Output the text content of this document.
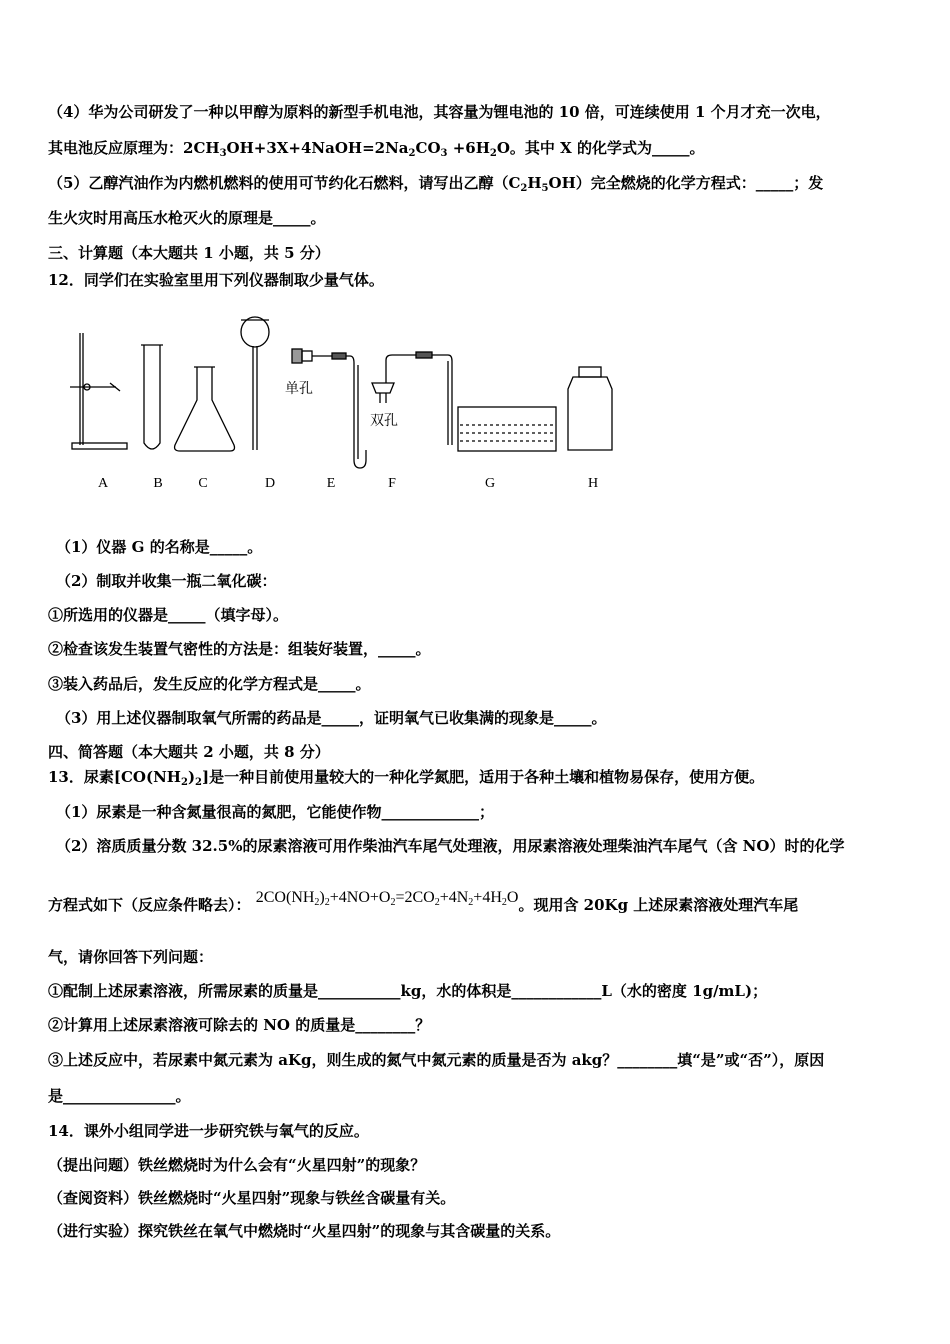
（4）华为公司研发了一种以甲醇为原料的新型手机电池，其容量为锂电池的 10 倍，可连续使用 1 个月才充一次电，
其电池反应原理为：$2CH_3OH+3X+4NaOH=2Na_2CO_3 +6H_2O$。其中 X 的化学式为_____。
（5）乙醇汽油作为内燃机燃料的使用可节约化石燃料，请写出乙醇$(C_2H_5OH)$完全燃烧的化学方程式：_____；发
生火灾时用高压水枪灭火的原理是_____。
三、计算题（本大题共 1 小题，共 5 分）
12．同学们在实验室里用下列仪器制取少量气体。
单孔
双孔
A	B	C	D	E	F	G	H
（1）仪器 G 的名称是_____。
（2）制取并收集一瓶二氧化碳：
①所选用的仪器是_____（填字母）。
②检查该发生装置气密性的方法是：组装好装置，_____。
③装入药品后，发生反应的化学方程式是_____。
（3）用上述仪器制取氧气所需的药品是_____，证明氧气已收集满的现象是_____。
四、简答题（本大题共 2 小题，共 8 分）
13．尿素$[CO(NH_2)_2]$是一种目前使用量较大的一种化学氮肥，适用于各种土壤和植物易保存，使用方便。
（1）尿素是一种含氮量很高的氮肥，它能使作物_____________；
（2）溶质质量分数 32.5%的尿素溶液可用作柴油汽车尾气处理液，用尿素溶液处理柴油汽车尾气（含 NO）时的化学
方程式如下（反应条件略去）： $2CO(NH_2)_2+4NO+O_2=2CO_2+4N_2+4H_2O$。现用含 20Kg 上述尿素溶液处理汽车尾
气，请你回答下列问题：
①配制上述尿素溶液，所需尿素的质量是___________kg，水的体积是____________L（水的密度 1g/mL)；
②计算用上述尿素溶液可除去的 NO 的质量是________？
③上述反应中，若尿素中氮元素为 aKg，则生成的氮气中氮元素的质量是否为 akg？________填“是”或“否”），原因
是_______________。
14．课外小组同学进一步研究铁与氧气的反应。
（提出问题）铁丝燃烧时为什么会有“火星四射”的现象？
（查阅资料）铁丝燃烧时“火星四射”现象与铁丝含碳量有关。
（进行实验）探究铁丝在氧气中燃烧时“火星四射”的现象与其含碳量的关系。
